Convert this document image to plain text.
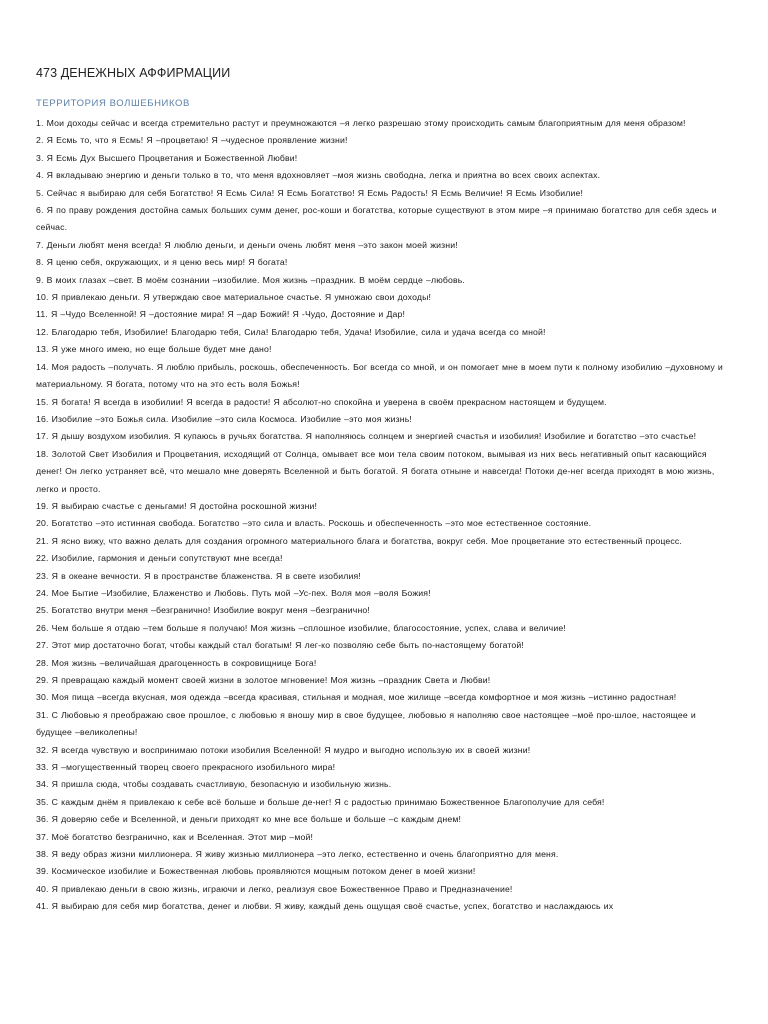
473 ДЕНЕЖНЫХ АФФИРМАЦИИ
ТЕРРИТОРИЯ ВОЛШЕБНИКОВ
1. Мои доходы сейчас и всегда стремительно растут и преумножаются –я легко разрешаю этому происходить самым благоприятным для меня образом!
2. Я Есмь то, что я Есмь! Я –процветаю! Я –чудесное проявление жизни!
3. Я Есмь Дух Высшего Процветания и Божественной Любви!
4. Я вкладываю энергию и деньги только в то, что меня вдохновляет –моя жизнь свободна, легка и приятна во всех своих аспектах.
5. Сейчас я выбираю для себя Богатство! Я Есмь Сила! Я Есмь Богатство! Я Есмь Радость! Я Есмь Величие! Я Есмь Изобилие!
6. Я по праву рождения достойна самых больших сумм денег, рос-коши и богатства, которые существуют в этом мире –я принимаю богатство для себя здесь и сейчас.
7. Деньги любят меня всегда! Я люблю деньги, и деньги очень любят меня –это закон моей жизни!
8. Я ценю себя, окружающих, и я ценю весь мир! Я богата!
9. В моих глазах –свет. В моём сознании –изобилие. Моя жизнь –праздник. В моём сердце –любовь.
10. Я привлекаю деньги. Я утверждаю свое материальное счастье. Я умножаю свои доходы!
11. Я –Чудо Вселенной! Я –достояние мира! Я –дар Божий! Я -Чудо, Достояние и Дар!
12. Благодарю тебя, Изобилие! Благодарю тебя, Сила! Благодарю тебя, Удача! Изобилие, сила и удача всегда со мной!
13. Я уже много имею, но еще больше будет мне дано!
14. Моя радость –получать. Я люблю прибыль, роскошь, обеспеченность. Бог всегда со мной, и он помогает мне в моем пути к полному изобилию –духовному и материальному. Я богата, потому что на это есть воля Божья!
15. Я богата! Я всегда в изобилии! Я всегда в радости! Я абсолют-но спокойна и уверена в своём прекрасном настоящем и будущем.
16. Изобилие –это Божья сила. Изобилие –это сила Космоса. Изобилие –это моя жизнь!
17. Я дышу воздухом изобилия. Я купаюсь в ручьях богатства. Я наполняюсь солнцем и энергией счастья и изобилия! Изобилие и богатство –это счастье!
18. Золотой Свет Изобилия и Процветания, исходящий от Солнца, омывает все мои тела своим потоком, вымывая из них весь негативный опыт касающийся денег! Он легко устраняет всё, что мешало мне доверять Вселенной и быть богатой. Я богата отныне и навсегда! Потоки де-нег всегда приходят в мою жизнь, легко и просто.
19. Я выбираю счастье с деньгами! Я достойна роскошной жизни!
20. Богатство –это истинная свобода. Богатство –это сила и власть. Роскошь и обеспеченность –это мое естественное состояние.
21. Я ясно вижу, что важно делать для создания огромного материального блага и богатства, вокруг себя. Мое процветание это естественный процесс.
22. Изобилие, гармония и деньги сопутствуют мне всегда!
23. Я в океане вечности. Я в пространстве блаженства. Я в свете изобилия!
24. Мое Бытие –Изобилие, Блаженство и Любовь. Путь мой –Ус-пех. Воля моя –воля Божия!
25. Богатство внутри меня –безгранично! Изобилие вокруг меня –безгранично!
26. Чем больше я отдаю –тем больше я получаю! Моя жизнь –сплошное изобилие, благосостояние, успех, слава и величие!
27. Этот мир достаточно богат, чтобы каждый стал богатым! Я лег-ко позволяю себе быть по-настоящему богатой!
28. Моя жизнь –величайшая драгоценность в сокровищнице Бога!
29. Я превращаю каждый момент своей жизни в золотое мгновение! Моя жизнь –праздник Света и Любви!
30. Моя пища –всегда вкусная, моя одежда –всегда красивая, стильная и модная, мое жилище –всегда комфортное и моя жизнь –истинно радостная!
31. С Любовью я преображаю свое прошлое, с любовью я вношу мир в свое будущее, любовью я наполняю свое настоящее –моё про-шлое, настоящее и будущее –великолепны!
32. Я всегда чувствую и воспринимаю потоки изобилия Вселенной! Я мудро и выгодно использую их в своей жизни!
33. Я –могущественный творец своего прекрасного изобильного мира!
34. Я пришла сюда, чтобы создавать счастливую, безопасную и изобильную жизнь.
35. С каждым днём я привлекаю к себе всё больше и больше де-нег! Я с радостью принимаю Божественное Благополучие для себя!
36. Я доверяю себе и Вселенной, и деньги приходят ко мне все больше и больше –с каждым днем!
37. Моё богатство безгранично, как и Вселенная. Этот мир –мой!
38. Я веду образ жизни миллионера. Я живу жизнью миллионера –это легко, естественно и очень благоприятно для меня.
39. Космическое изобилие и Божественная любовь проявляются мощным потоком денег в моей жизни!
40. Я привлекаю деньги в свою жизнь, играючи и легко, реализуя свое Божественное Право и Предназначение!
41. Я выбираю для себя мир богатства, денег и любви. Я живу, каждый день ощущая своё счастье, успех, богатство и наслаждаюсь их
